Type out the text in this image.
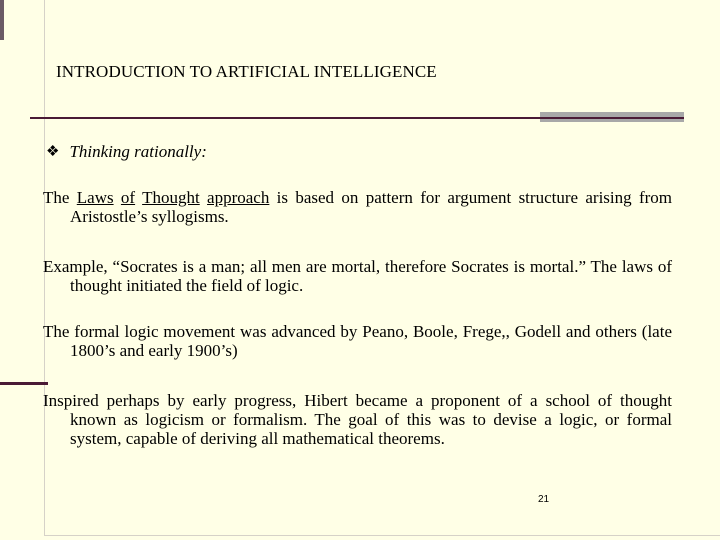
INTRODUCTION TO ARTIFICIAL INTELLIGENCE
❖ Thinking rationally:
The Laws of Thought approach is based on pattern for argument structure arising from Aristostle’s syllogisms.
Example, “Socrates is a man; all men are mortal, therefore Socrates is mortal.” The laws of thought initiated the field of logic.
The formal logic movement was advanced by Peano, Boole, Frege,, Godell and others (late 1800’s and early 1900’s)
Inspired perhaps by early progress, Hibert became a proponent of a school of thought known as logicism or formalism. The goal of this was to devise a logic, or formal system, capable of deriving all mathematical theorems.
21
